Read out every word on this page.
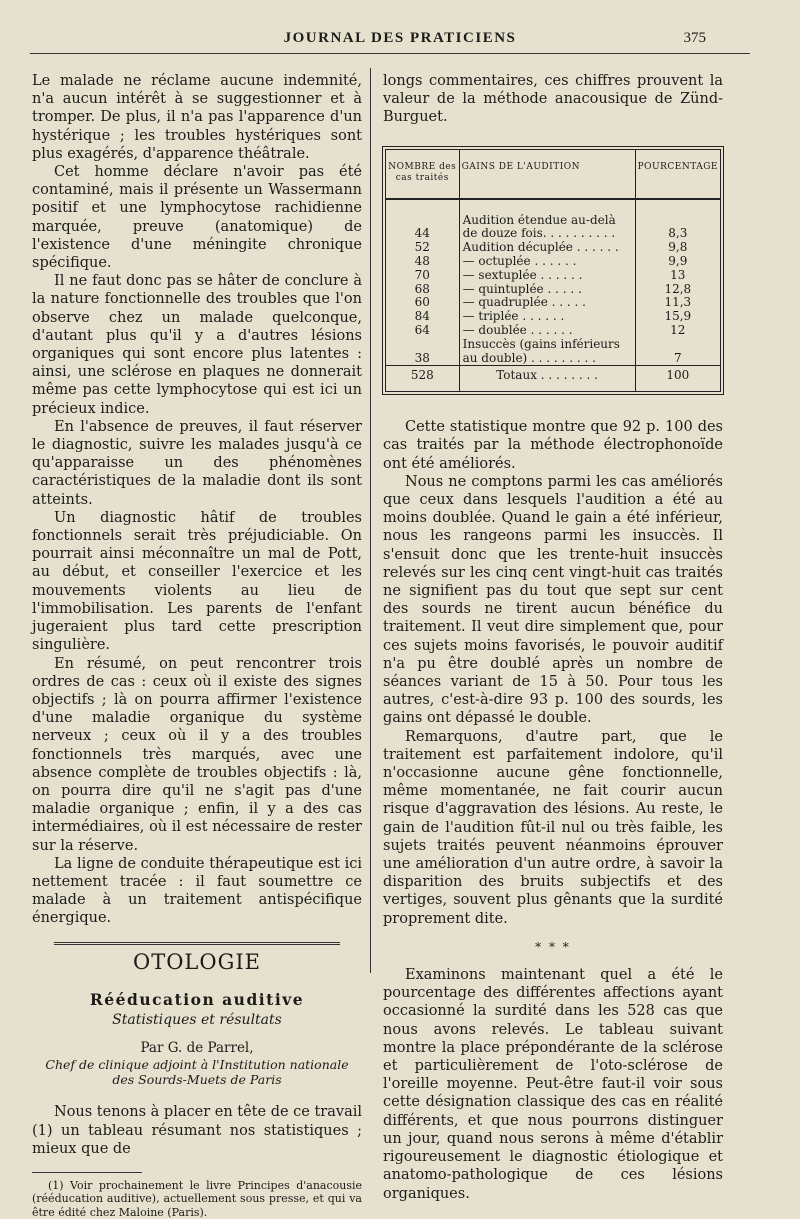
JOURNAL DES PRATICIENS	375

Le malade ne réclame aucune indemnité, n'a aucun intérêt à se suggestionner et à tromper. De plus, il n'a pas l'apparence d'un hystérique ; les troubles hystériques sont plus exagérés, d'apparence théâtrale.

Cet homme déclare n'avoir pas été contaminé, mais il présente un Wassermann positif et une lymphocytose rachidienne marquée, preuve (anatomique) de l'existence d'une méningite chronique spécifique.

Il ne faut donc pas se hâter de conclure à la nature fonctionnelle des troubles que l'on observe chez un malade quelconque, d'autant plus qu'il y a d'autres lésions organiques qui sont encore plus latentes : ainsi, une sclérose en plaques ne donnerait même pas cette lymphocytose qui est ici un précieux indice.

En l'absence de preuves, il faut réserver le diagnostic, suivre les malades jusqu'à ce qu'apparaisse un des phénomènes caractéristiques de la maladie dont ils sont atteints.

Un diagnostic hâtif de troubles fonctionnels serait très préjudiciable. On pourrait ainsi méconnaître un mal de Pott, au début, et conseiller l'exercice et les mouvements violents au lieu de l'immobilisation. Les parents de l'enfant jugeraient plus tard cette prescription singulière.

En résumé, on peut rencontrer trois ordres de cas : ceux où il existe des signes objectifs ; là on pourra affirmer l'existence d'une maladie organique du système nerveux ; ceux où il y a des troubles fonctionnels très marqués, avec une absence complète de troubles objectifs : là, on pourra dire qu'il ne s'agit pas d'une maladie organique ; enfin, il y a des cas intermédiaires, où il est nécessaire de rester sur la réserve.

La ligne de conduite thérapeutique est ici nettement tracée : il faut soumettre ce malade à un traitement antispécifique énergique.

OTOLOGIE
Rééducation auditive
Statistiques et résultats
Par G. de Parrel,
Chef de clinique adjoint à l'Institution nationale
des Sourds-Muets de Paris

Nous tenons à placer en tête de ce travail (1) un tableau résumant nos statistiques ; mieux que de

(1) Voir prochainement le livre Principes d'anacousie (rééducation auditive), actuellement sous presse, et qui va être édité chez Maloine (Paris).

longs commentaires, ces chiffres prouvent la valeur de la méthode anacousique de Zünd-Burguet.

NOMBRE des cas traités	GAINS DE L'AUDITION	POURCENTAGE
44	Audition étendue au-delà de douze fois. . . . . . . . . .	8,3
52	Audition décuplée . . . . . .	9,8
48	— octuplée . . . . . .	9,9
70	— sextuplée . . . . . .	13
68	— quintuplée . . . . .	12,8
60	— quadruplée . . . . .	11,3
84	— triplée . . . . . .	15,9
64	— doublée . . . . . .	12
38	Insuccès (gains inférieurs au double) . . . . . . . . .	7
528	Totaux . . . . . . . .	100

Cette statistique montre que 92 p. 100 des cas traités par la méthode électrophonoïde ont été améliorés.

Nous ne comptons parmi les cas améliorés que ceux dans lesquels l'audition a été au moins doublée. Quand le gain a été inférieur, nous les rangeons parmi les insuccès. Il s'ensuit donc que les trente-huit insuccès relevés sur les cinq cent vingt-huit cas traités ne signifient pas du tout que sept sur cent des sourds ne tirent aucun bénéfice du traitement. Il veut dire simplement que, pour ces sujets moins favorisés, le pouvoir auditif n'a pu être doublé après un nombre de séances variant de 15 à 50. Pour tous les autres, c'est-à-dire 93 p. 100 des sourds, les gains ont dépassé le double.

Remarquons, d'autre part, que le traitement est parfaitement indolore, qu'il n'occasionne aucune gêne fonctionnelle, même momentanée, ne fait courir aucun risque d'aggravation des lésions. Au reste, le gain de l'audition fût-il nul ou très faible, les sujets traités peuvent néanmoins éprouver une amélioration d'un autre ordre, à savoir la disparition des bruits subjectifs et des vertiges, souvent plus gênants que la surdité proprement dite.

* * *

Examinons maintenant quel a été le pourcentage des différentes affections ayant occasionné la surdité dans les 528 cas que nous avons relevés. Le tableau suivant montre la place prépondérante de la sclérose et particulièrement de l'oto-sclérose de l'oreille moyenne. Peut-être faut-il voir sous cette désignation classique des cas en réalité différents, et que nous pourrons distinguer un jour, quand nous serons à même d'établir rigoureusement le diagnostic étiologique et anatomo-pathologique de ces lésions organiques.
